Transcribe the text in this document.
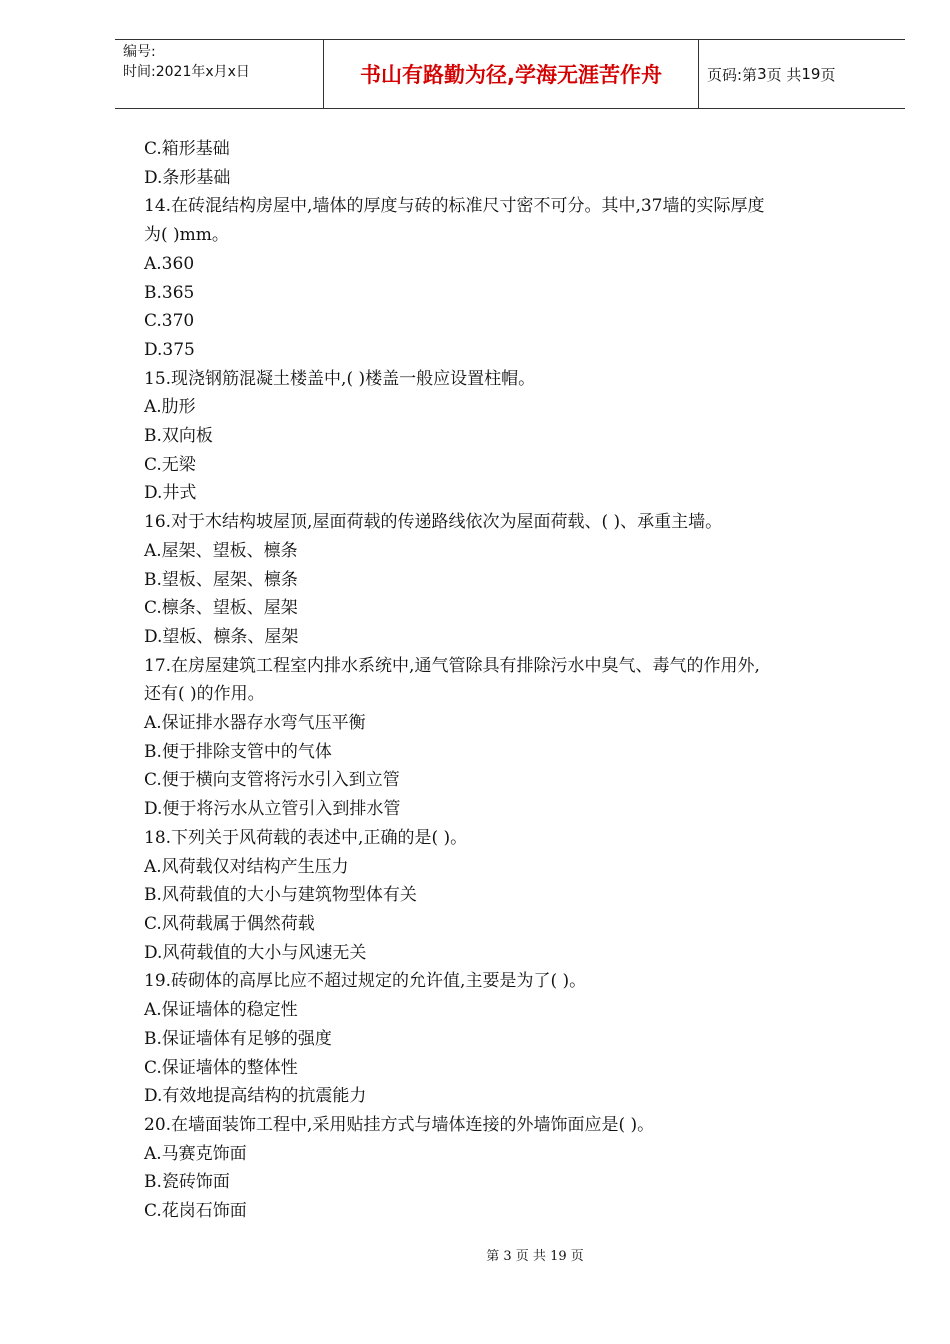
编号:
时间:2021年x月x日	书山有路勤为径,学海无涯苦作舟	页码:第 3 页 共 19 页
C.箱形基础
D.条形基础
14.在砖混结构房屋中,墙体的厚度与砖的标准尺寸密不可分。其中,37墙的实际厚度
为( )mm。
A.360
B.365
C.370
D.375
15.现浇钢筋混凝土楼盖中,( )楼盖一般应设置柱帽。
A.肋形
B.双向板
C.无梁
D.井式
16.对于木结构坡屋顶,屋面荷载的传递路线依次为屋面荷载、( )、承重主墙。
A.屋架、望板、檩条
B.望板、屋架、檩条
C.檩条、望板、屋架
D.望板、檩条、屋架
17.在房屋建筑工程室内排水系统中,通气管除具有排除污水中臭气、毒气的作用外,
还有( )的作用。
A.保证排水器存水弯气压平衡
B.便于排除支管中的气体
C.便于横向支管将污水引入到立管
D.便于将污水从立管引入到排水管
18.下列关于风荷载的表述中,正确的是( )。
A.风荷载仅对结构产生压力
B.风荷载值的大小与建筑物型体有关
C.风荷载属于偶然荷载
D.风荷载值的大小与风速无关
19.砖砌体的高厚比应不超过规定的允许值,主要是为了( )。
A.保证墙体的稳定性
B.保证墙体有足够的强度
C.保证墙体的整体性
D.有效地提高结构的抗震能力
20.在墙面装饰工程中,采用贴挂方式与墙体连接的外墙饰面应是( )。
A.马赛克饰面
B.瓷砖饰面
C.花岗石饰面
第 3 页 共 19 页
